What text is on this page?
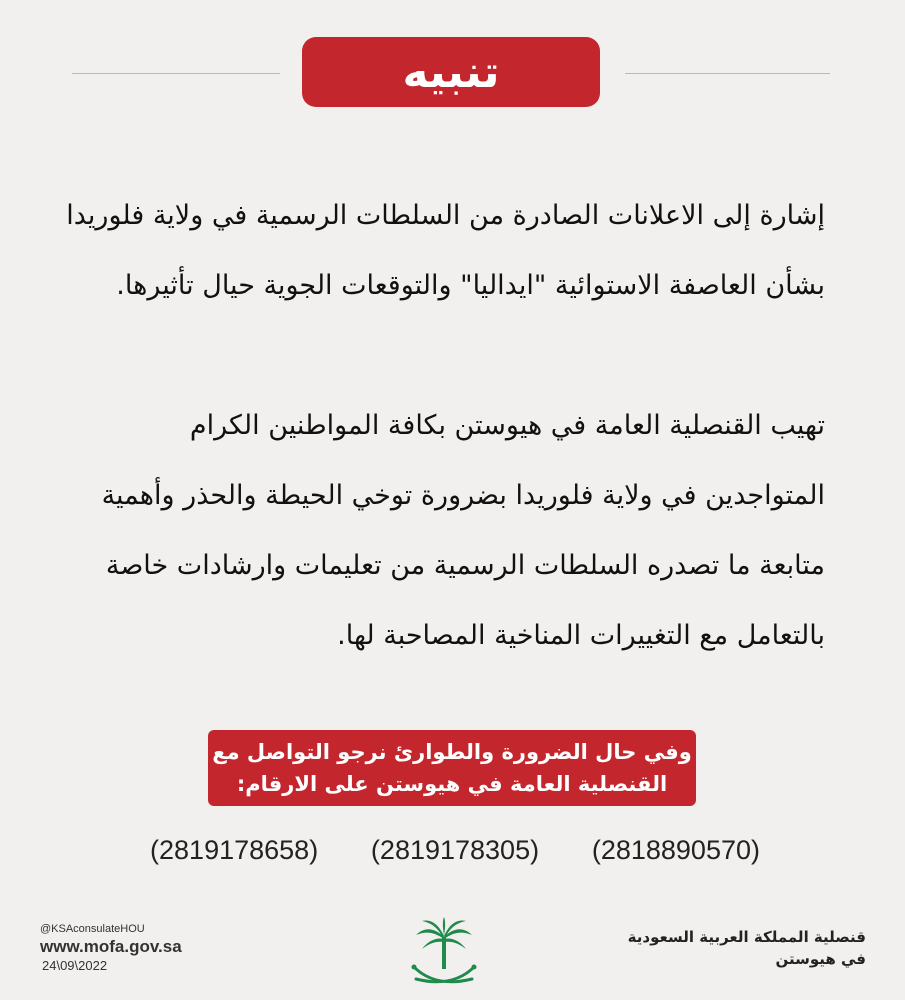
تنبيه
إشارة إلى الاعلانات الصادرة من السلطات الرسمية في ولاية فلوريدا
بشأن العاصفة الاستوائية "ايداليا" والتوقعات الجوية حيال تأثيرها.
تهيب القنصلية العامة في هيوستن بكافة المواطنين الكرام
المتواجدين في ولاية فلوريدا بضرورة توخي الحيطة والحذر وأهمية
متابعة ما تصدره السلطات الرسمية من تعليمات وارشادات خاصة
بالتعامل مع التغييرات المناخية المصاحبة لها.
وفي حال الضرورة والطوارئ نرجو التواصل مع
القنصلية العامة في هيوستن على الارقام:
(2818890570)
(2819178305)
(2819178658)
@KSAconsulateHOU
www.mofa.gov.sa
24\09\2022
قنصلية المملكة العربية السعودية
في هيوستن
